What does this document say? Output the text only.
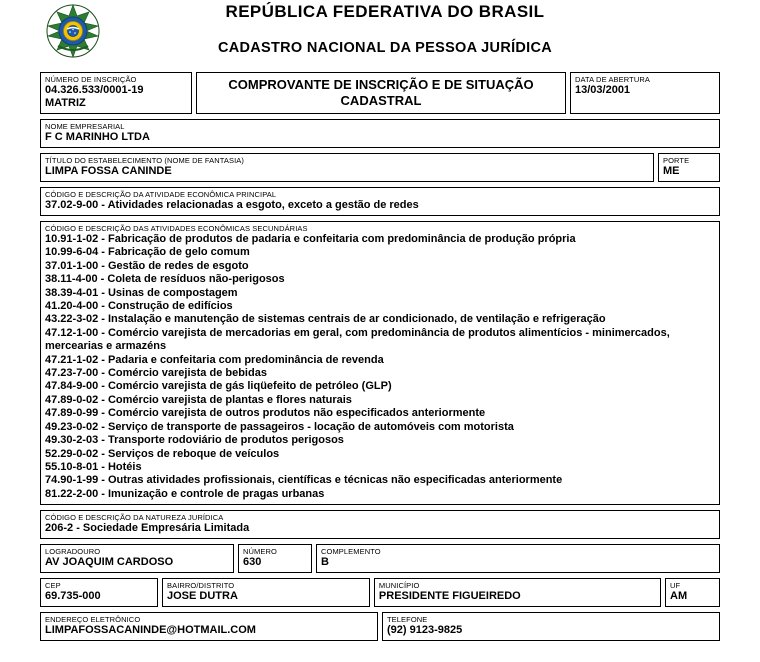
REPÚBLICA FEDERATIVA DO BRASIL
CADASTRO NACIONAL DA PESSOA JURÍDICA
NÚMERO DE INSCRIÇÃO
04.326.533/0001-19
MATRIZ
COMPROVANTE DE INSCRIÇÃO E DE SITUAÇÃO
CADASTRAL
DATA DE ABERTURA
13/03/2001
NOME EMPRESARIAL
F C MARINHO LTDA
TÍTULO DO ESTABELECIMENTO (NOME DE FANTASIA)
LIMPA FOSSA CANINDE
PORTE
ME
CÓDIGO E DESCRIÇÃO DA ATIVIDADE ECONÔMICA PRINCIPAL
37.02-9-00 - Atividades relacionadas a esgoto, exceto a gestão de redes
CÓDIGO E DESCRIÇÃO DAS ATIVIDADES ECONÔMICAS SECUNDÁRIAS
10.91-1-02 - Fabricação de produtos de padaria e confeitaria com predominância de produção própria
10.99-6-04 - Fabricação de gelo comum
37.01-1-00 - Gestão de redes de esgoto
38.11-4-00 - Coleta de resíduos não-perigosos
38.39-4-01 - Usinas de compostagem
41.20-4-00 - Construção de edifícios
43.22-3-02 - Instalação e manutenção de sistemas centrais de ar condicionado, de ventilação e refrigeração
47.12-1-00 - Comércio varejista de mercadorias em geral, com predominância de produtos alimentícios - minimercados, mercearias e armazéns
47.21-1-02 - Padaria e confeitaria com predominância de revenda
47.23-7-00 - Comércio varejista de bebidas
47.84-9-00 - Comércio varejista de gás liqüefeito de petróleo (GLP)
47.89-0-02 - Comércio varejista de plantas e flores naturais
47.89-0-99 - Comércio varejista de outros produtos não especificados anteriormente
49.23-0-02 - Serviço de transporte de passageiros - locação de automóveis com motorista
49.30-2-03 - Transporte rodoviário de produtos perigosos
52.29-0-02 - Serviços de reboque de veículos
55.10-8-01 - Hotéis
74.90-1-99 - Outras atividades profissionais, científicas e técnicas não especificadas anteriormente
81.22-2-00 - Imunização e controle de pragas urbanas
CÓDIGO E DESCRIÇÃO DA NATUREZA JURÍDICA
206-2 - Sociedade Empresária Limitada
LOGRADOURO
AV JOAQUIM CARDOSO
NÚMERO
630
COMPLEMENTO
B
CEP
69.735-000
BAIRRO/DISTRITO
JOSE DUTRA
MUNICÍPIO
PRESIDENTE FIGUEIREDO
UF
AM
ENDEREÇO ELETRÔNICO
LIMPAFOSSACANINDE@HOTMAIL.COM
TELEFONE
(92) 9123-9825
